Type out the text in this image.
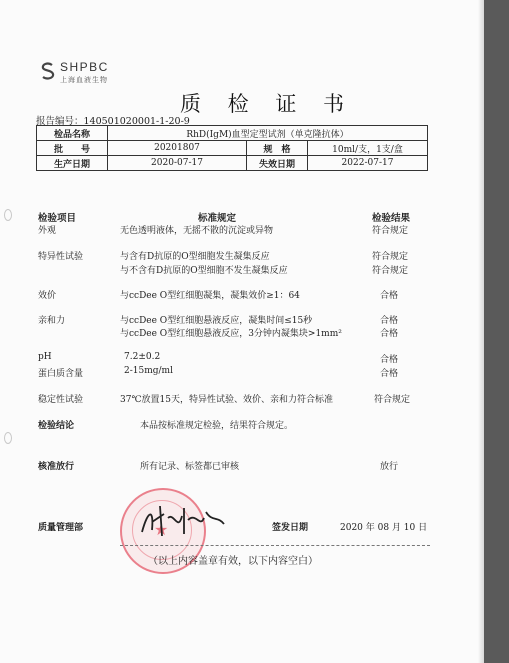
SHPBC
上海血液生物
质 检 证 书
报告编号：140501020001-1-20-9
检品名称	RhD(IgM)血型定型试剂（单克隆抗体）		
批　　号	20201807	规　格	10ml/支，1支/盒
生产日期	2020-07-17	失效日期	2022-07-17
检验项目	标准规定	检验结果
外观	无色透明液体，无摇不散的沉淀或异物	符合规定
特异性试验	与含有D抗原的O型细胞发生凝集反应	符合规定
与不含有D抗原的O型细胞不发生凝集反应	符合规定
效价	与ccDee O型红细胞凝集，凝集效价≥1：64	合格
亲和力	与ccDee O型红细胞悬液反应，凝集时间≤15秒	合格
与ccDee O型红细胞悬液反应，3分钟内凝集块>1mm²	合格
pH	7.2±0.2	合格
蛋白质含量	2-15mg/ml	合格
稳定性试验	37℃放置15天，特异性试验、效价、亲和力符合标准	符合规定
检验结论	本品按标准规定检验，结果符合规定。
核准放行	所有记录、标签都已审核	放行
★
质量管理部	签发日期	2020 年 08 月 10 日
（以上内容盖章有效，以下内容空白）
